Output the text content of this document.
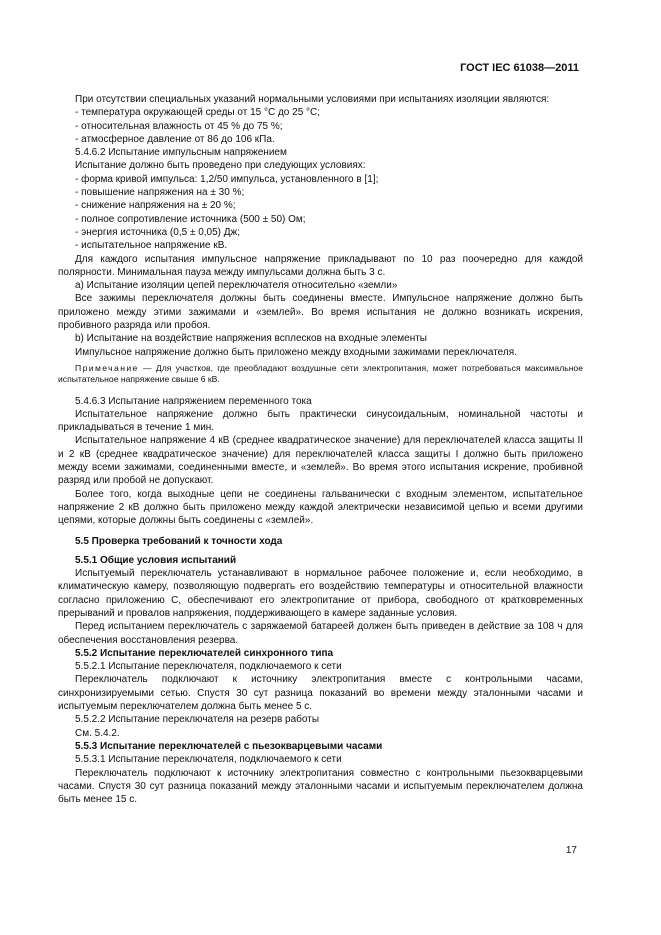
ГОСТ IEC 61038—2011

При отсутствии специальных указаний нормальными условиями при испытаниях изоляции являются:

- температура окружающей среды от 15 °С до 25 °С;

- относительная влажность от 45 % до 75 %;

- атмосферное давление от 86 до 106 кПа.

5.4.6.2 Испытание импульсным напряжением

Испытание должно быть проведено при следующих условиях:

- форма кривой импульса: 1,2/50 импульса, установленного в [1];

- повышение напряжения на ± 30 %;

- снижение напряжения на ± 20 %;

- полное сопротивление источника (500 ± 50) Ом;

- энергия источника (0,5 ± 0,05) Дж;

- испытательное напряжение кВ.

Для каждого испытания импульсное напряжение прикладывают по 10 раз поочередно для каждой полярности. Минимальная пауза между импульсами должна быть 3 с.

a) Испытание изоляции цепей переключателя относительно «земли»

Все зажимы переключателя должны быть соединены вместе. Импульсное напряжение должно быть приложено между этими зажимами и «землей». Во время испытания не должно возникать искрения, пробивного разряда или пробоя.

b) Испытание на воздействие напряжения всплесков на входные элементы

Импульсное напряжение должно быть приложено между входными зажимами переключателя.

Примечание — Для участков, где преобладают воздушные сети электропитания, может потребоваться максимальное испытательное напряжение свыше 6 кВ.

5.4.6.3 Испытание напряжением переменного тока

Испытательное напряжение должно быть практически синусоидальным, номинальной частоты и прикладываться в течение 1 мин.

Испытательное напряжение 4 кВ (среднее квадратическое значение) для переключателей класса защиты II и 2 кВ (среднее квадратическое значение) для переключателей класса защиты I должно быть приложено между всеми зажимами, соединенными вместе, и «землей». Во время этого испытания искрение, пробивной разряд или пробой не допускают.

Более того, когда выходные цепи не соединены гальванически с входным элементом, испытательное напряжение 2 кВ должно быть приложено между каждой электрически независимой цепью и всеми другими цепями, которые должны быть соединены с «землей».

5.5 Проверка требований к точности хода

5.5.1 Общие условия испытаний

Испытуемый переключатель устанавливают в нормальное рабочее положение и, если необходимо, в климатическую камеру, позволяющую подвергать его воздействию температуры и относительной влажности согласно приложению С, обеспечивают его электропитание от прибора, свободного от кратковременных прерываний и провалов напряжения, поддерживающего в камере заданные условия.

Перед испытанием переключатель с заряжаемой батареей должен быть приведен в действие за 108 ч для обеспечения восстановления резерва.

5.5.2 Испытание переключателей синхронного типа

5.5.2.1 Испытание переключателя, подключаемого к сети

Переключатель подключают к источнику электропитания вместе с контрольными часами, синхронизируемыми сетью. Спустя 30 сут разница показаний во времени между эталонными часами и испытуемым переключателем должна быть менее 5 с.

5.5.2.2 Испытание переключателя на резерв работы

См. 5.4.2.

5.5.3 Испытание переключателей с пьезокварцевыми часами

5.5.3.1 Испытание переключателя, подключаемого к сети

Переключатель подключают к источнику электропитания совместно с контрольными пьезокварцевыми часами. Спустя 30 сут разница показаний между эталонными часами и испытуемым переключателем должна быть менее 15 с.

17
